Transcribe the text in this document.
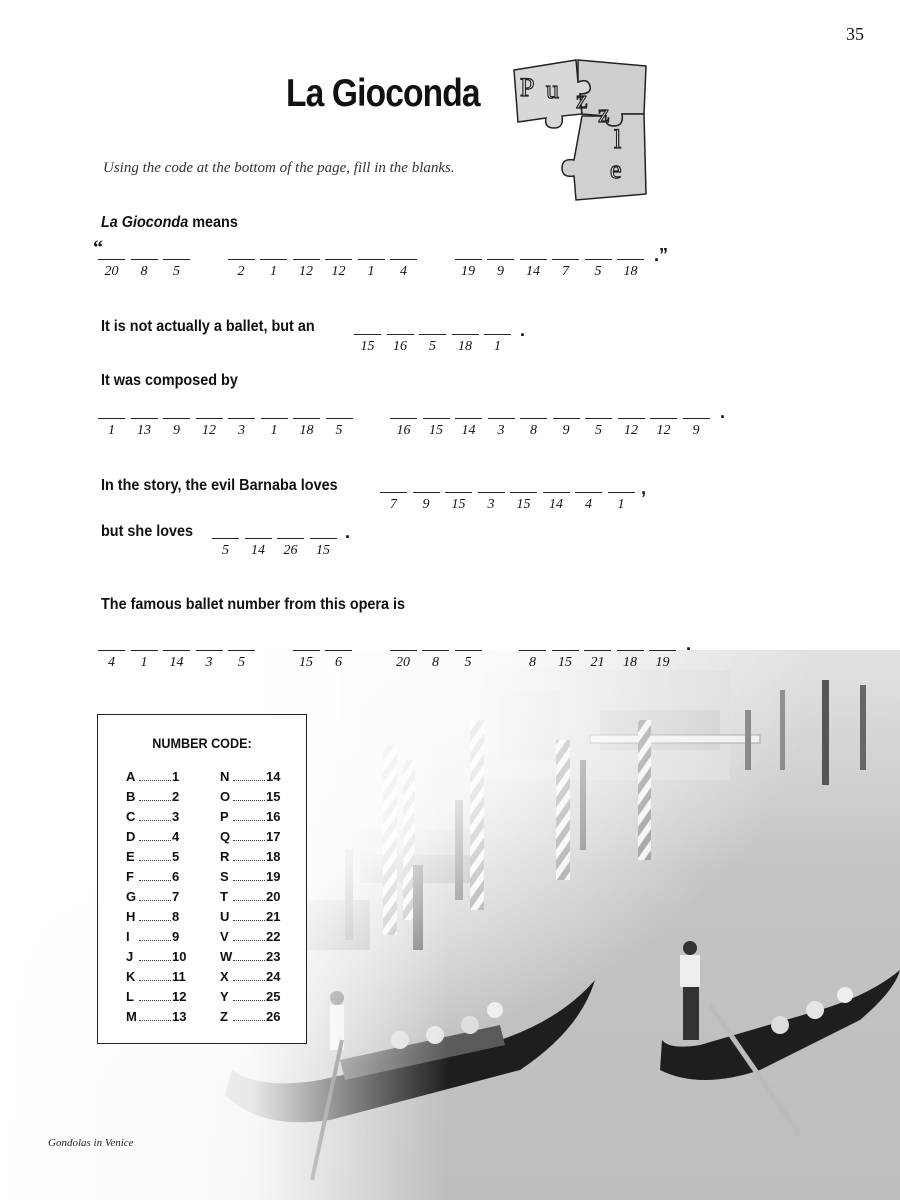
35
La Gioconda P u z z
l
e
Using the code at the bottom of the page, fill in the blanks.
La Gioconda means
“
20	8	5	2	1	12	12	1	4	19	9	14	7	5	18
.”
It is not actually a ballet, but an
15	16	5	18	1
.
It was composed by
1	13	9	12	3	1	18	5	16	15	14	3	8	9	5	12	12	9
.
In the story, the evil Barnaba loves
7	9	15	3	15	14	4	1
,
but she loves
5	14	26	15
.
The famous ballet number from this opera is
4	1	14	3	5	15	6	20	8	5	8	15	21	18	19
.
NUMBER CODE:
A	1
B	2
C	3
D	4
E	5
F	6
G	7
H	8
I	9
J	10
K	11
L	12
M	13
N	14
O	15
P	16
Q	17
R	18
S	19
T	20
U	21
V	22
W	23
X	24
Y	25
Z	26
Gondolas in Venice
